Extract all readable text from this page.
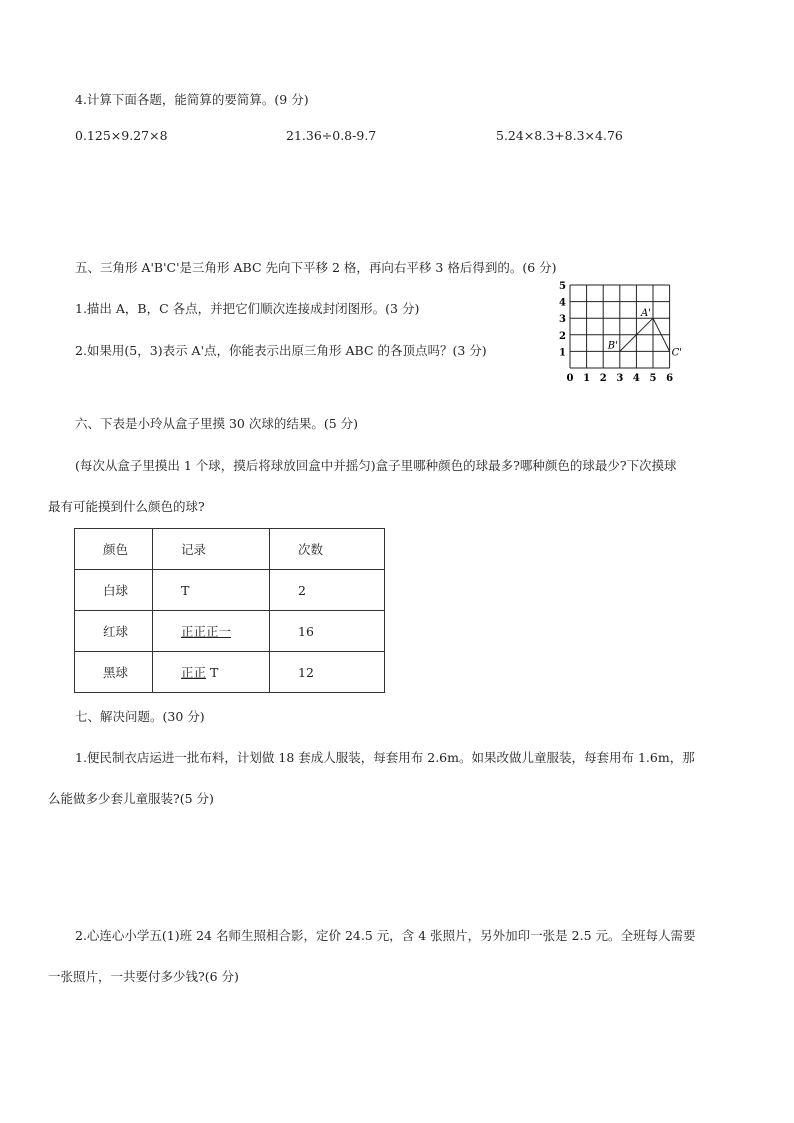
4.计算下面各题，能简算的要简算。(9 分)
0.125×9.27×8	21.36÷0.8-9.7	5.24×8.3+8.3×4.76
五、三角形 A'B'C'是三角形 ABC 先向下平移 2 格，再向右平移 3 格后得到的。(6 分)
1.描出 A，B，C 各点，并把它们顺次连接成封闭图形。(3 分)
2.如果用(5，3)表示 A'点，你能表示出原三角形 ABC 的各顶点吗？(3 分)
0 1 2 3 4 5 6
5
4
3
2
1
A'
B'
C'
六、下表是小玲从盒子里摸 30 次球的结果。(5 分)
(每次从盒子里摸出 1 个球，摸后将球放回盒中并摇匀)盒子里哪种颜色的球最多?哪种颜色的球最少?下次摸球
最有可能摸到什么颜色的球?
颜色	记录	次数
白球	T	2
红球	正正正一	16
黑球	正正 T	12
七、解决问题。(30 分)
1.便民制衣店运进一批布料，计划做 18 套成人服装，每套用布 2.6m。如果改做儿童服装，每套用布 1.6m，那
么能做多少套儿童服装?(5 分)
2.心连心小学五(1)班 24 名师生照相合影，定价 24.5 元，含 4 张照片，另外加印一张是 2.5 元。全班每人需要
一张照片，一共要付多少钱?(6 分)
